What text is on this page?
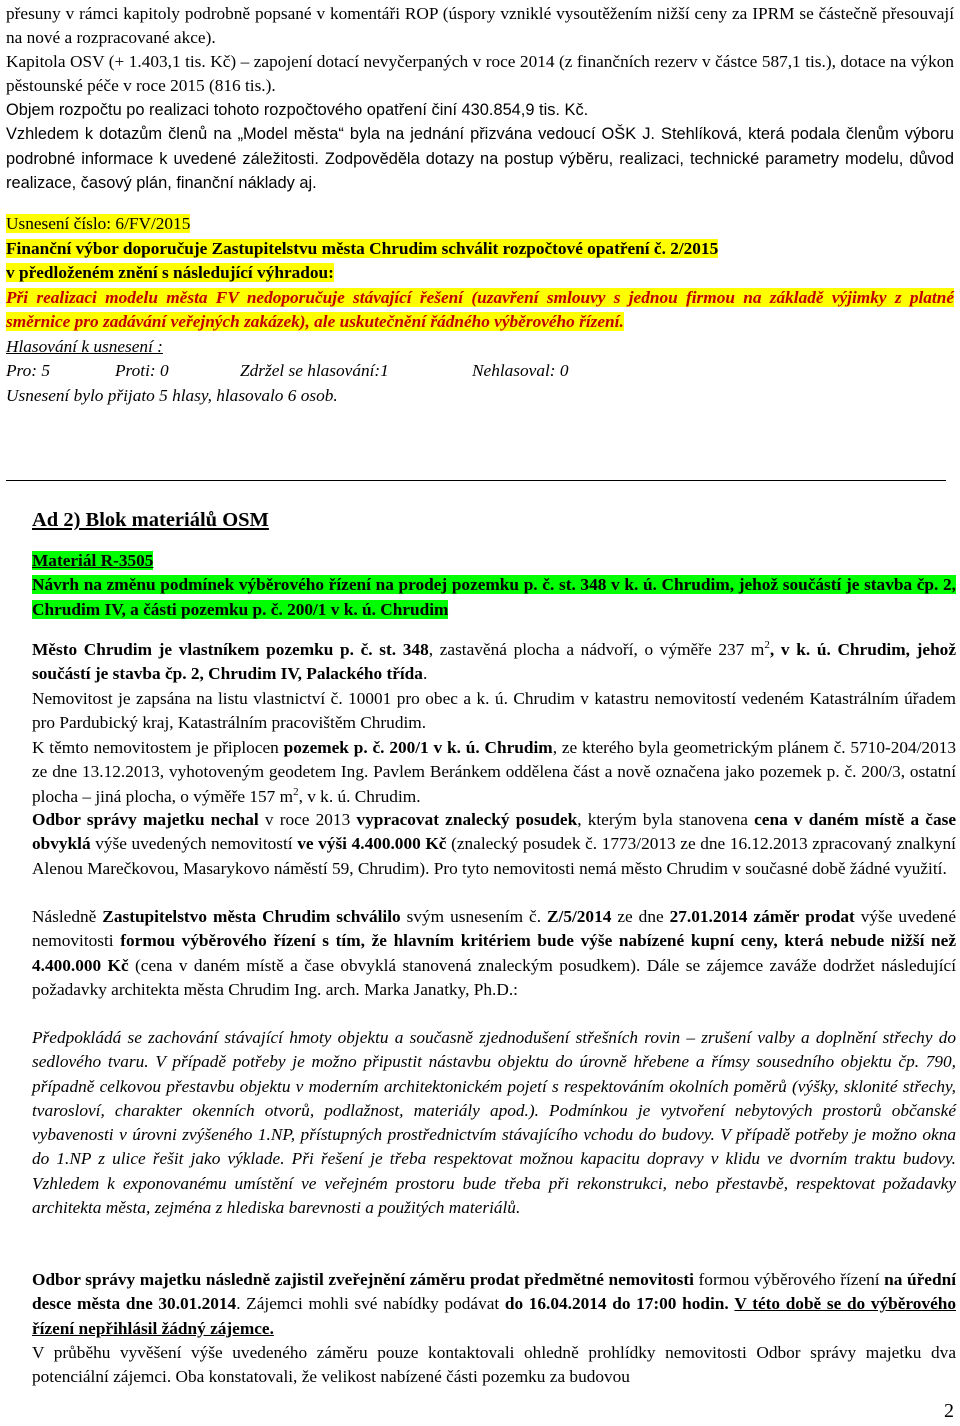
přesuny v rámci kapitoly podrobně popsané v komentáři ROP (úspory vzniklé vysoutěžením nižší ceny za IPRM se částečně přesouvají na nové a rozpracované akce).
Kapitola OSV (+ 1.403,1 tis. Kč) – zapojení dotací nevyčerpaných v roce 2014 (z finančních rezerv v částce 587,1 tis.), dotace na výkon pěstounské péče v roce 2015 (816 tis.).
Objem rozpočtu po realizaci tohoto rozpočtového opatření činí 430.854,9 tis. Kč.
Vzhledem k dotazům členů na „Model města“ byla na jednání přizvána vedoucí OŠK J. Stehlíková, která podala členům výboru podrobné informace k uvedené záležitosti. Zodpověděla dotazy na postup výběru, realizaci, technické parametry modelu, důvod realizace, časový plán, finanční náklady aj.
Usnesení číslo: 6/FV/2015
Finanční výbor doporučuje Zastupitelstvu města Chrudim schválit rozpočtové opatření č. 2/2015
v předloženém znění s následující výhradou:
Při realizaci modelu města FV nedoporučuje stávající řešení (uzavření smlouvy s jednou firmou na základě výjimky z platné směrnice pro zadávání veřejných zakázek), ale uskutečnění řádného výběrového řízení.
Hlasování k usnesení :
Pro: 5	Proti: 0	Zdržel se hlasování:1	Nehlasoval: 0
Usnesení bylo přijato 5 hlasy, hlasovalo 6 osob.
Ad 2) Blok materiálů OSM
Materiál R-3505
Návrh na změnu podmínek výběrového řízení na prodej pozemku p. č. st. 348 v k. ú. Chrudim, jehož součástí je stavba čp. 2, Chrudim IV, a části pozemku p. č. 200/1 v k. ú. Chrudim
Město Chrudim je vlastníkem pozemku p. č. st. 348, zastavěná plocha a nádvoří, o výměře 237 $m^2$, v k. ú. Chrudim, jehož součástí je stavba čp. 2, Chrudim IV, Palackého třída.
Nemovitost je zapsána na listu vlastnictví č. 10001 pro obec a k. ú. Chrudim v katastru nemovitostí vedeném Katastrálním úřadem pro Pardubický kraj, Katastrálním pracovištěm Chrudim.
K těmto nemovitostem je připlocen pozemek p. č. 200/1 v k. ú. Chrudim, ze kterého byla geometrickým plánem č. 5710-204/2013 ze dne 13.12.2013, vyhotoveným geodetem Ing. Pavlem Beránkem oddělena část a nově označena jako pozemek p. č. 200/3, ostatní plocha – jiná plocha, o výměře 157 $m^2$, v k. ú. Chrudim.
Odbor správy majetku nechal v roce 2013 vypracovat znalecký posudek, kterým byla stanovena cena v daném místě a čase obvyklá výše uvedených nemovitostí ve výši 4.400.000 Kč (znalecký posudek č. 1773/2013 ze dne 16.12.2013 zpracovaný znalkyní Alenou Marečkovou, Masarykovo náměstí 59, Chrudim). Pro tyto nemovitosti nemá město Chrudim v současné době žádné využití.
Následně Zastupitelstvo města Chrudim schválilo svým usnesením č. Z/5/2014 ze dne 27.01.2014 záměr prodat výše uvedené nemovitosti formou výběrového řízení s tím, že hlavním kritériem bude výše nabízené kupní ceny, která nebude nižší než 4.400.000 Kč (cena v daném místě a čase obvyklá stanovená znaleckým posudkem). Dále se zájemce zaváže dodržet následující požadavky architekta města Chrudim Ing. arch. Marka Janatky, Ph.D.:
Předpokládá se zachování stávající hmoty objektu a současně zjednodušení střešních rovin – zrušení valby a doplnění střechy do sedlového tvaru. V případě potřeby je možno připustit nástavbu objektu do úrovně hřebene a římsy sousedního objektu čp. 790, případně celkovou přestavbu objektu v moderním architektonickém pojetí s respektováním okolních poměrů (výšky, sklonité střechy, tvarosloví, charakter okenních otvorů, podlažnost, materiály apod.). Podmínkou je vytvoření nebytových prostorů občanské vybavenosti v úrovni zvýšeného 1.NP, přístupných prostřednictvím stávajícího vchodu do budovy. V případě potřeby je možno okna do 1.NP z ulice řešit jako výklade. Při řešení je třeba respektovat možnou kapacitu dopravy v klidu ve dvorním traktu budovy. Vzhledem k exponovanému umístění ve veřejném prostoru bude třeba při rekonstrukci, nebo přestavbě, respektovat požadavky architekta města, zejména z hlediska barevnosti a použitých materiálů.
Odbor správy majetku následně zajistil zveřejnění záměru prodat předmětné nemovitosti formou výběrového řízení na úřední desce města dne 30.01.2014. Zájemci mohli své nabídky podávat do 16.04.2014 do 17:00 hodin. V této době se do výběrového řízení nepřihlásil žádný zájemce.
V průběhu vyvěšení výše uvedeného záměru pouze kontaktovali ohledně prohlídky nemovitosti Odbor správy majetku dva potenciální zájemci. Oba konstatovali, že velikost nabízené části pozemku za budovou
2
